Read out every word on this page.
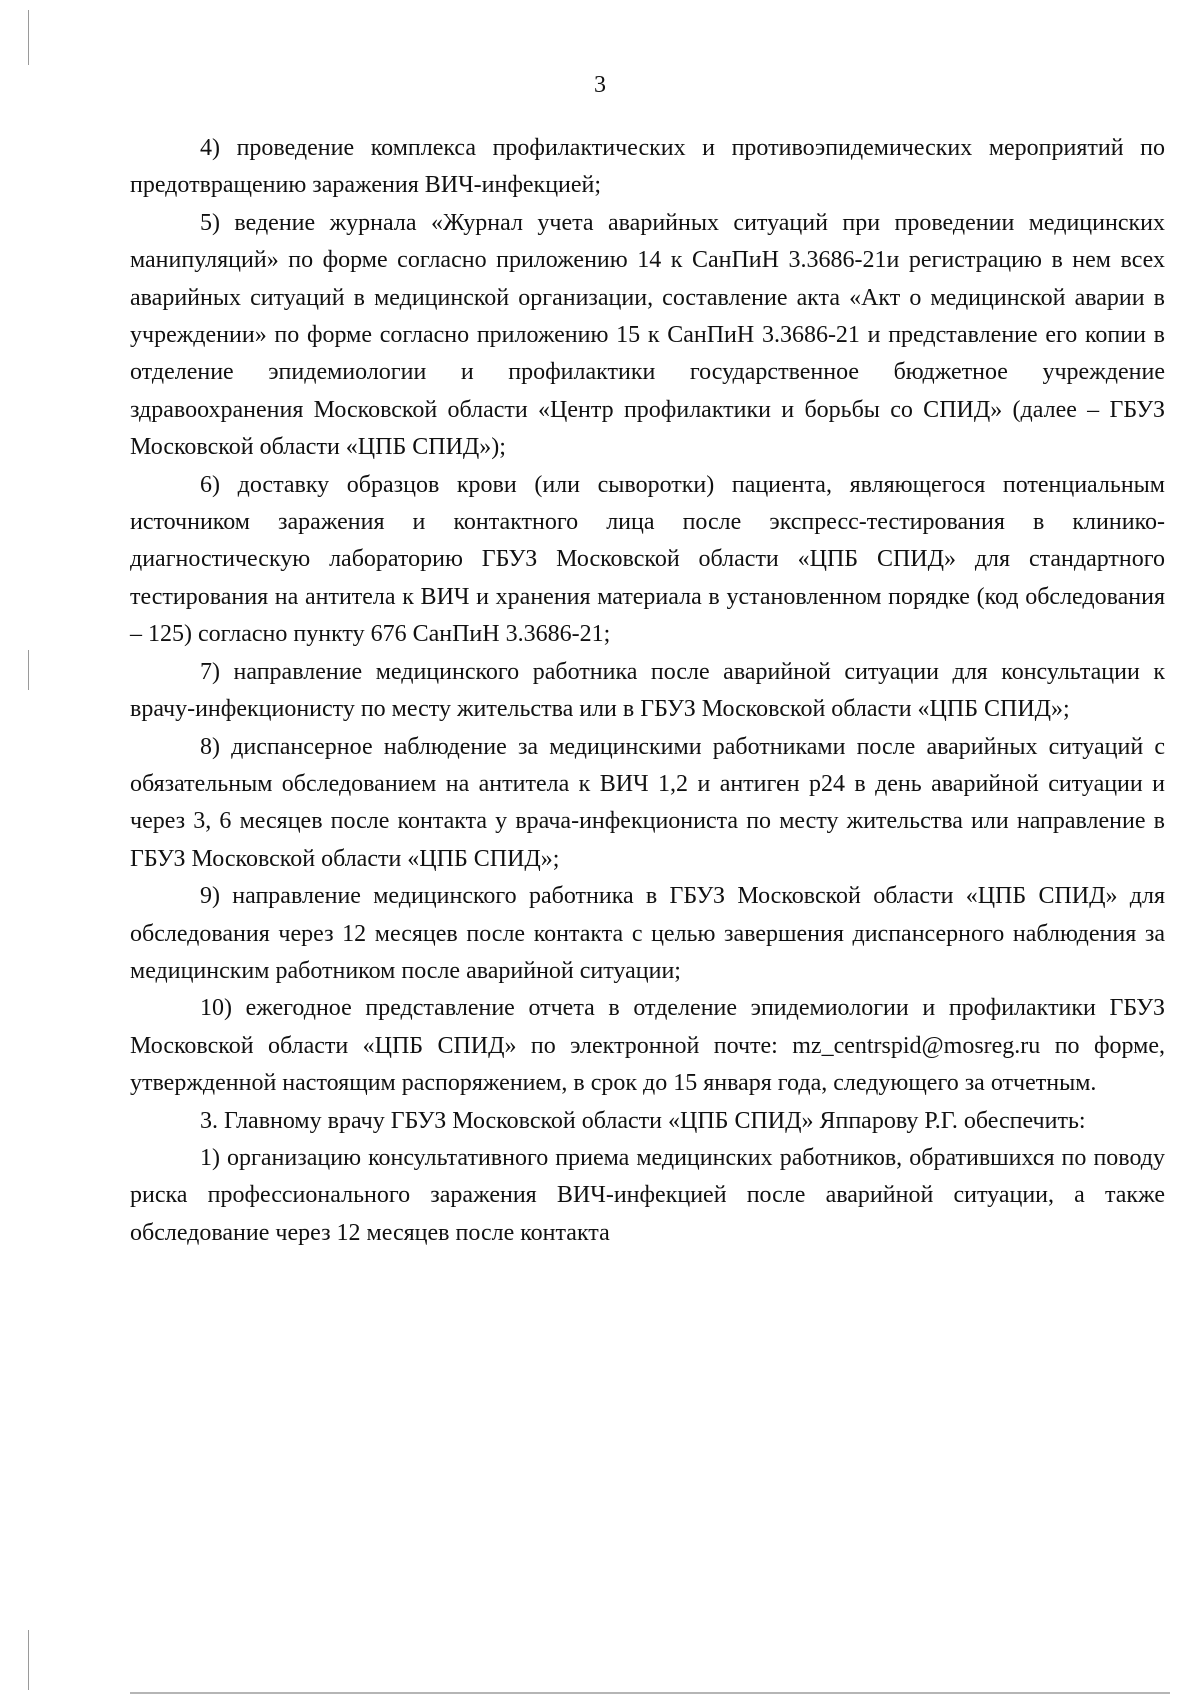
3

4) проведение комплекса профилактических и противоэпидемических мероприятий по предотвращению заражения ВИЧ-инфекцией;

5) ведение журнала «Журнал учета аварийных ситуаций при проведении медицинских манипуляций» по форме согласно приложению 14 к СанПиН 3.3686-21и регистрацию в нем всех аварийных ситуаций в медицинской организации, составление акта «Акт о медицинской аварии в учреждении» по форме согласно приложению 15 к СанПиН 3.3686-21 и представление его копии в отделение эпидемиологии и профилактики государственное бюджетное учреждение здравоохранения Московской области «Центр профилактики и борьбы со СПИД» (далее – ГБУЗ Московской области «ЦПБ СПИД»);

6) доставку образцов крови (или сыворотки) пациента, являющегося потенциальным источником заражения и контактного лица после экспресс-тестирования в клинико-диагностическую лабораторию ГБУЗ Московской области «ЦПБ СПИД» для стандартного тестирования на антитела к ВИЧ и хранения материала в установленном порядке (код обследования – 125) согласно пункту 676 СанПиН 3.3686-21;

7) направление медицинского работника после аварийной ситуации для консультации к врачу-инфекционисту по месту жительства или в ГБУЗ Московской области «ЦПБ СПИД»;

8) диспансерное наблюдение за медицинскими работниками после аварийных ситуаций с обязательным обследованием на антитела к ВИЧ 1,2 и антиген р24 в день аварийной ситуации и через 3, 6 месяцев после контакта у врача-инфекциониста по месту жительства или направление в ГБУЗ Московской области «ЦПБ СПИД»;

9) направление медицинского работника в ГБУЗ Московской области «ЦПБ СПИД» для обследования через 12 месяцев после контакта с целью завершения диспансерного наблюдения за медицинским работником после аварийной ситуации;

10) ежегодное представление отчета в отделение эпидемиологии и профилактики ГБУЗ Московской области «ЦПБ СПИД» по электронной почте: mz_centrspid@mosreg.ru по форме, утвержденной настоящим распоряжением, в срок до 15 января года, следующего за отчетным.

3. Главному врачу ГБУЗ Московской области «ЦПБ СПИД» Яппарову Р.Г. обеспечить:

1) организацию консультативного приема медицинских работников, обратившихся по поводу риска профессионального заражения ВИЧ-инфекцией после аварийной ситуации, а также обследование через 12 месяцев после контакта
